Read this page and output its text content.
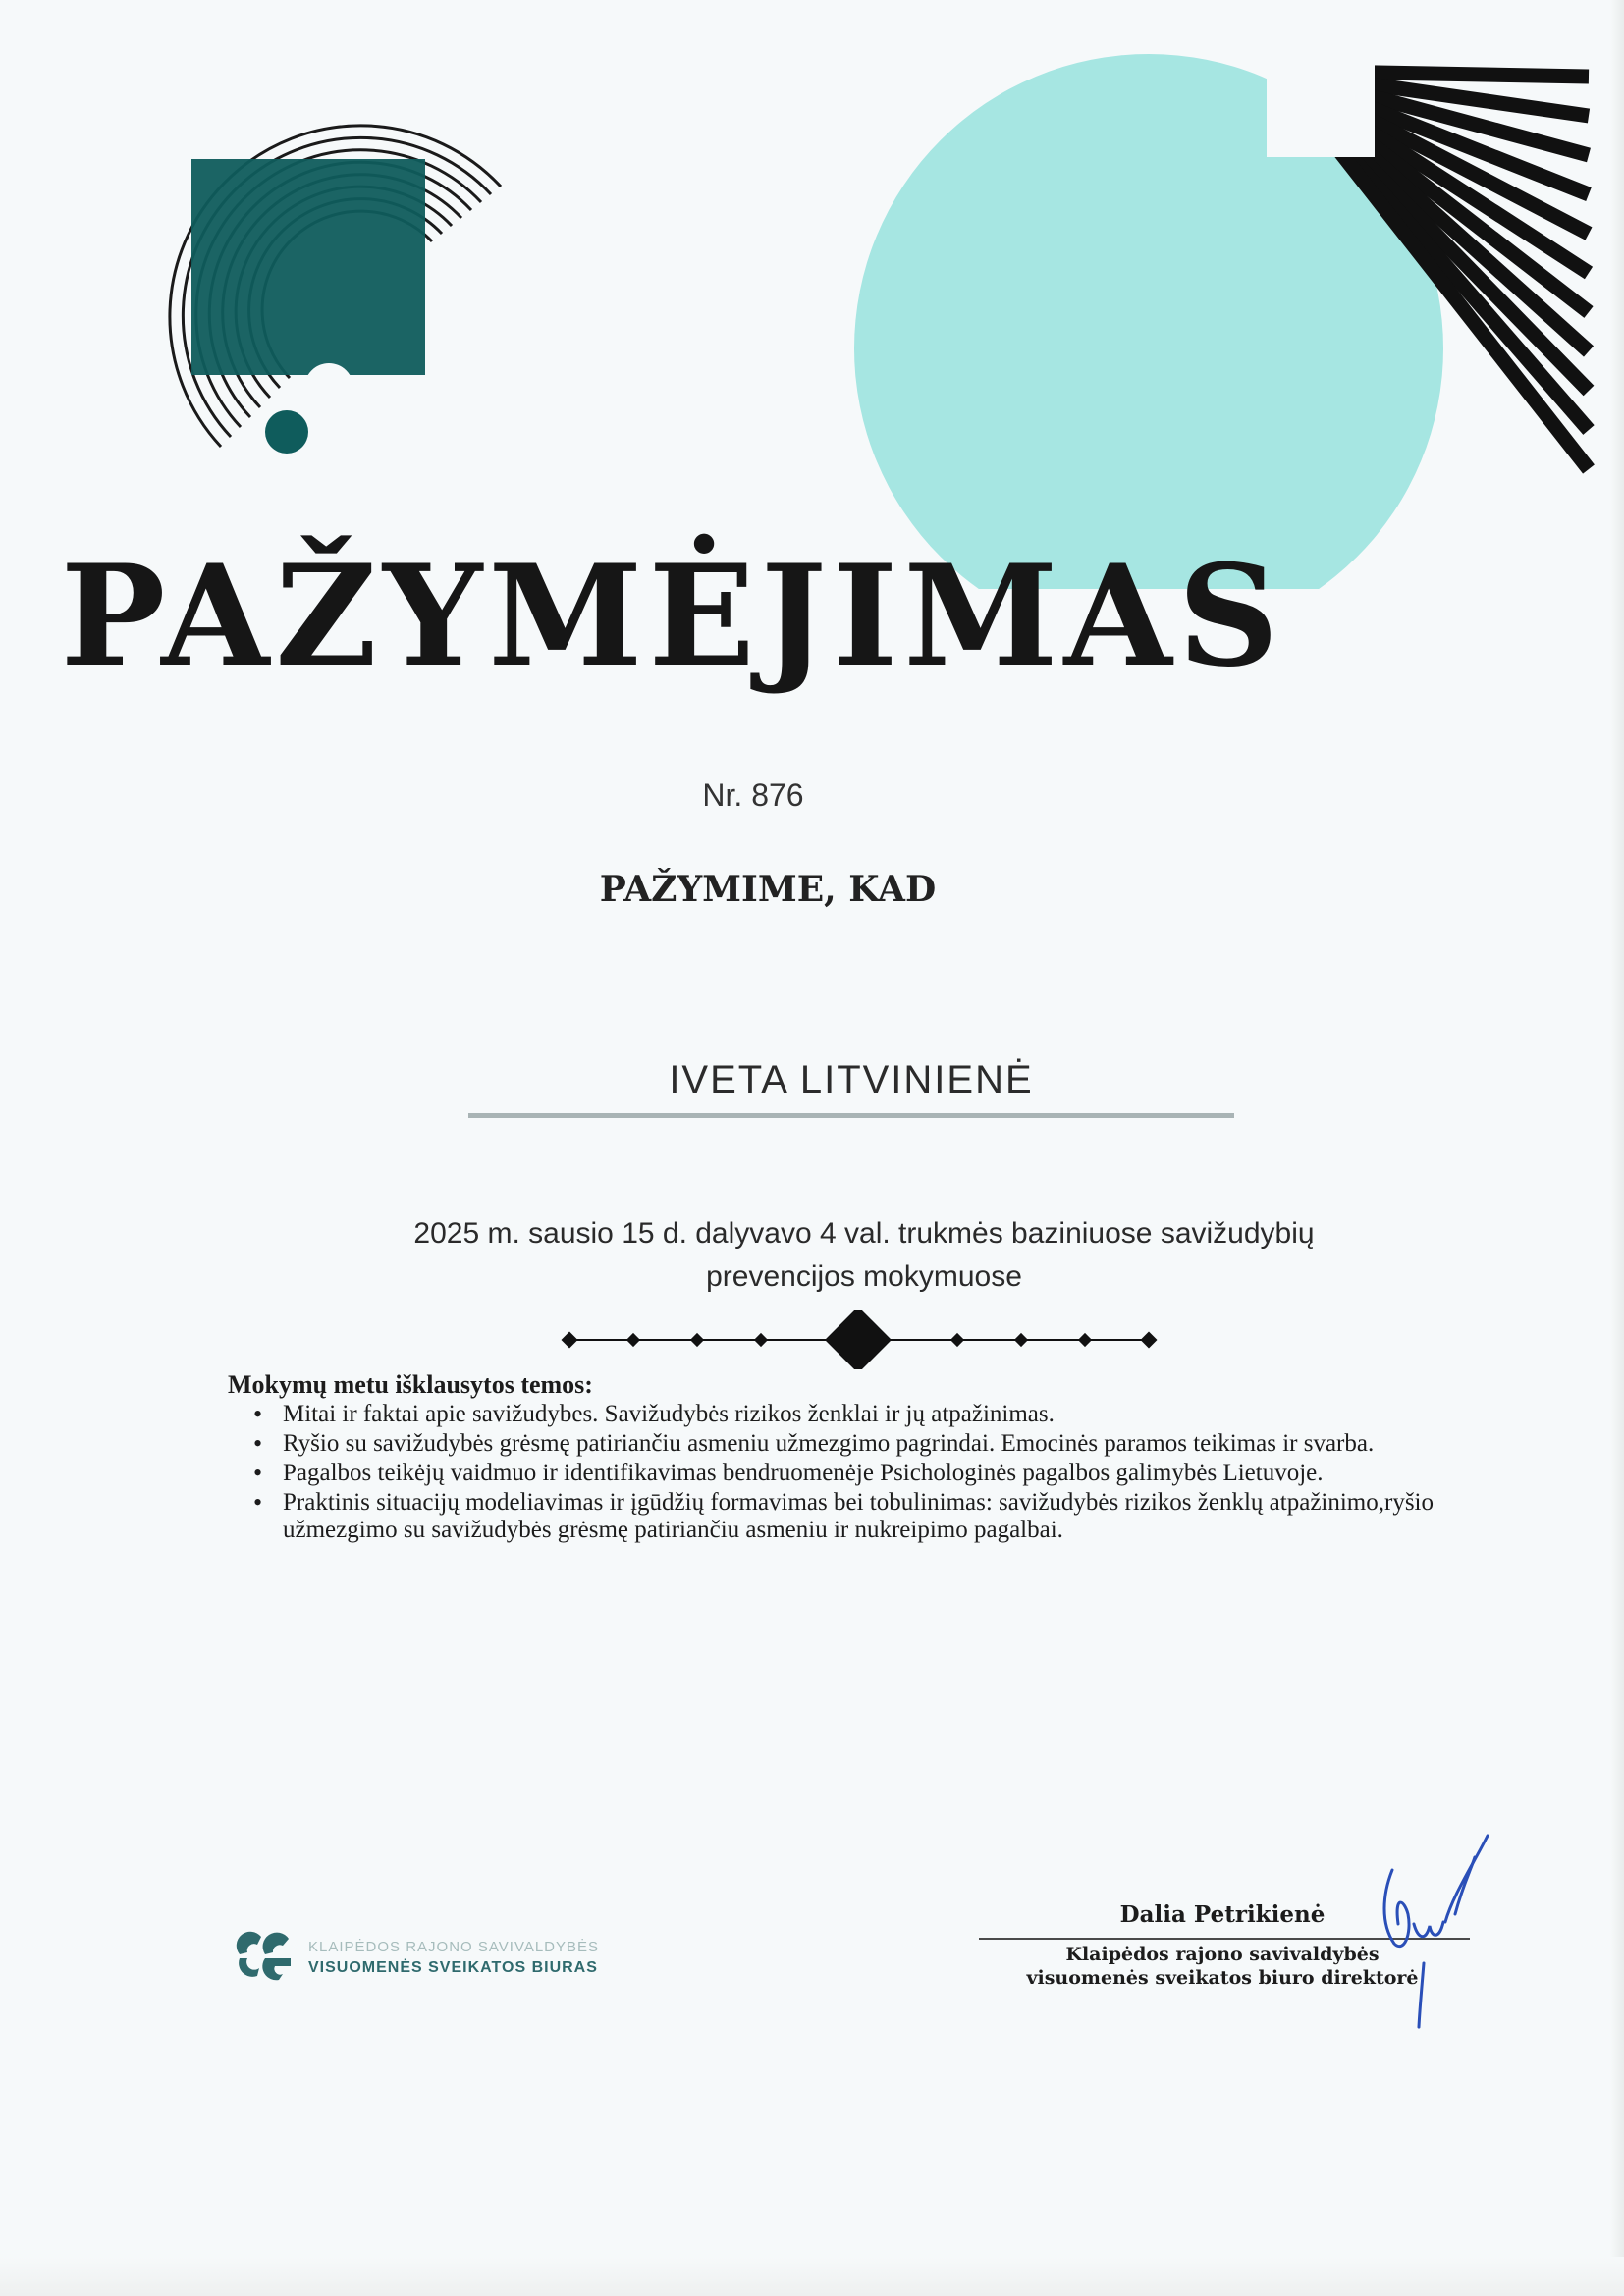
PAŽYMĖJIMAS
Nr. 876
PAŽYMIME, KAD
IVETA LITVINIENĖ
2025 m. sausio 15 d. dalyvavo 4 val. trukmės baziniuose savižudybių
prevencijos mokymuose
Mokymų metu išklausytos temos:
• Mitai ir faktai apie savižudybes. Savižudybės rizikos ženklai ir jų atpažinimas.
• Ryšio su savižudybės grėsmę patiriančiu asmeniu užmezgimo pagrindai. Emocinės paramos teikimas ir svarba.
• Pagalbos teikėjų vaidmuo ir identifikavimas bendruomenėje Psichologinės pagalbos galimybės Lietuvoje.
• Praktinis situacijų modeliavimas ir įgūdžių formavimas bei tobulinimas: savižudybės rizikos ženklų atpažinimo,ryšio užmezgimo su savižudybės grėsmę patiriančiu asmeniu ir nukreipimo pagalbai.
KLAIPĖDOS RAJONO SAVIVALDYBĖS
VISUOMENĖS SVEIKATOS BIURAS
Dalia Petrikienė
Klaipėdos rajono savivaldybės
visuomenės sveikatos biuro direktorė
